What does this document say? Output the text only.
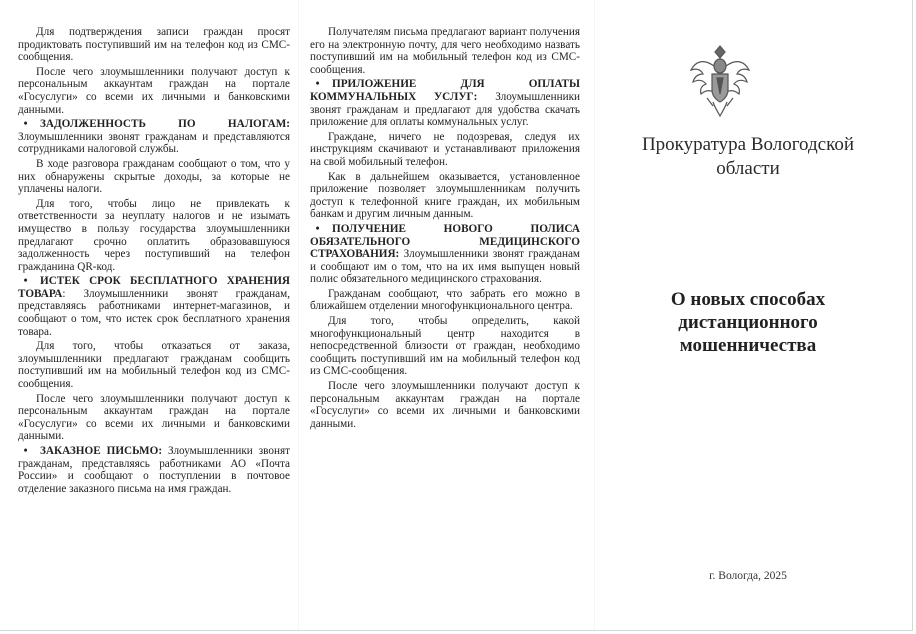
Для подтверждения записи граждан просят продиктовать поступивший им на телефон код из СМС-сообщения.

После чего злоумышленники получают доступ к персональным аккаунтам граждан на портале «Госуслуги» со всеми их личными и банковскими данными.

• ЗАДОЛЖЕННОСТЬ ПО НАЛОГАМ: Злоумышленники звонят гражданам и представляются сотрудниками налоговой службы.

В ходе разговора гражданам сообщают о том, что у них обнаружены скрытые доходы, за которые не уплачены налоги.

Для того, чтобы лицо не привлекать к ответственности за неуплату налогов и не изымать имущество в пользу государства злоумышленники предлагают срочно оплатить образовавшуюся задолженность через поступивший на телефон гражданина QR-код.

• ИСТЕК СРОК БЕСПЛАТНОГО ХРАНЕНИЯ ТОВАРА: Злоумышленники звонят гражданам, представляясь работниками интернет-магазинов, и сообщают о том, что истек срок бесплатного хранения товара.

Для того, чтобы отказаться от заказа, злоумышленники предлагают гражданам сообщить поступивший им на мобильный телефон код из СМС-сообщения.

После чего злоумышленники получают доступ к персональным аккаунтам граждан на портале «Госуслуги» со всеми их личными и банковскими данными.

• ЗАКАЗНОЕ ПИСЬМО: Злоумышленники звонят гражданам, представляясь работниками АО «Почта России» и сообщают о поступлении в почтовое отделение заказного письма на имя граждан.

Получателям письма предлагают вариант получения его на электронную почту, для чего необходимо назвать поступивший им на мобильный телефон код из СМС-сообщения.

• ПРИЛОЖЕНИЕ ДЛЯ ОПЛАТЫ КОММУНАЛЬНЫХ УСЛУГ: Злоумышленники звонят гражданам и предлагают для удобства скачать приложение для оплаты коммунальных услуг.

Граждане, ничего не подозревая, следуя их инструкциям скачивают и устанавливают приложения на свой мобильный телефон.

Как в дальнейшем оказывается, установленное приложение позволяет злоумышленникам получить доступ к телефонной книге граждан, их мобильным банкам и другим личным данным.

• ПОЛУЧЕНИЕ НОВОГО ПОЛИСА ОБЯЗАТЕЛЬНОГО МЕДИЦИНСКОГО СТРАХОВАНИЯ: Злоумышленники звонят гражданам и сообщают им о том, что на их имя выпущен новый полис обязательного медицинского страхования.

Гражданам сообщают, что забрать его можно в ближайшем отделении многофункционального центра.

Для того, чтобы определить, какой многофункциональный центр находится в непосредственной близости от граждан, необходимо сообщить поступивший им на мобильный телефон код из СМС-сообщения.

После чего злоумышленники получают доступ к персональным аккаунтам граждан на портале «Госуслуги» со всеми их личными и банковскими данными.

Прокуратура Вологодской
области
О новых способах
дистанционного
мошенничества
г. Вологда, 2025
